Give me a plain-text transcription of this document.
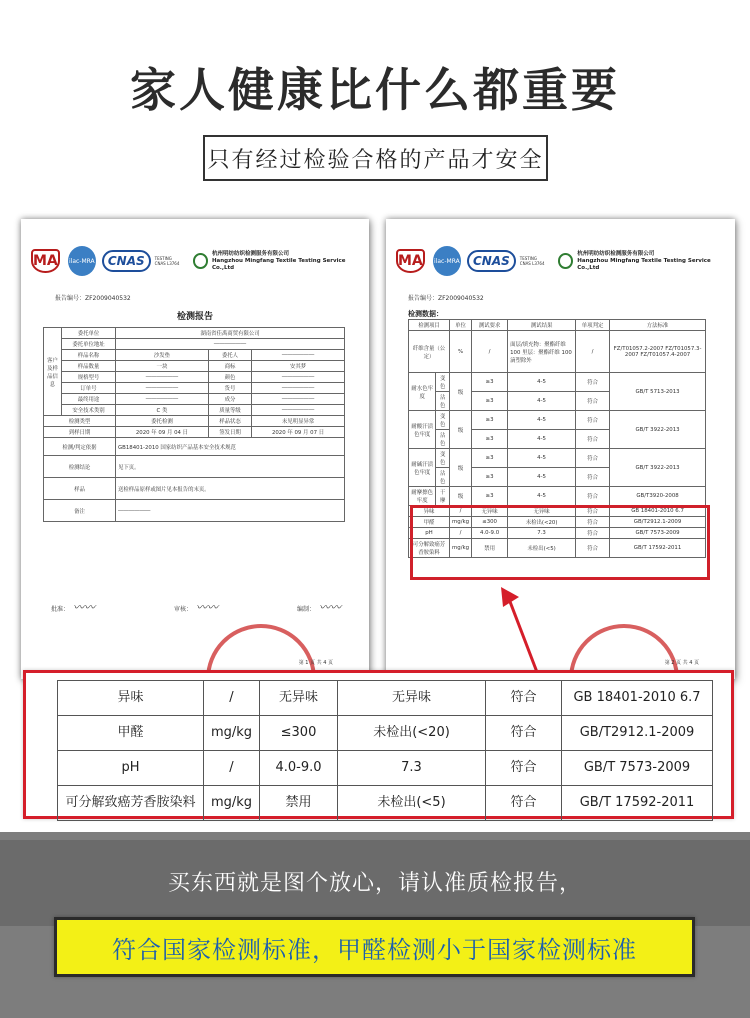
家人健康比什么都重要
只有经过检验合格的产品才安全
MA	ilac-MRA	CNAS	TESTING CNAS L3764
杭州明纺纺织检测服务有限公司
Hangzhou Mingfang Textile Testing Service Co.,Ltd
报告编号：ZF2009040532
检测报告
客户及样品信息	委托单位	湖南省佳禹商贸有限公司		
	委托单位地址	――――――		
	样品名称	沙发垫	委托人	――――――
	样品数量	一块	商标	安其梦
	规格型号	――――――	颜色	――――――
	订单号	――――――	货号	――――――
	最终用途	――――――	成分	――――――
	安全技术类别	C 类	质量等级	――――――
检测类型		委托检测	样品状态	未见明显异常
到样日期		2020 年 09 月 04 日	签发日期	2020 年 09 月 07 日
检测/判定依据		GB18401-2010 国家纺织产品基本安全技术规范		
检测结论		见下页。		
样品		送检样品原样或图片见本报告的末页。		
备注		――――――		
批准： 〰〰	审核： 〰〰	编制： 〰〰
第 1 页 共 4 页
MA	ilac-MRA	CNAS	TESTING CNAS L3764
杭州明纺纺织检测服务有限公司
Hangzhou Mingfang Textile Testing Service Co.,Ltd
报告编号：ZF2009040532
检测数据：
检测项目		单位	测试要求	测试结果	单项判定	方法标准
纤维含量（公定）		%	/	面层/填充物：聚酯纤维 100 里层：聚酯纤维 100 滴塑除外	/	FZ/T01057.2-2007 FZ/T01057.3-2007 FZ/T01057.4-2007
耐水色牢度	变色	级	≥3	4-5	符合	GB/T 5713-2013
	沾色		≥3	4-5	符合	
耐酸汗渍色牢度	变色	级	≥3	4-5	符合	GB/T 3922-2013
	沾色		≥3	4-5	符合	
耐碱汗渍色牢度	变色	级	≥3	4-5	符合	GB/T 3922-2013
	沾色		≥3	4-5	符合	
耐摩擦色牢度	干摩	级	≥3	4-5	符合	GB/T3920-2008
异味		/	无异味	无异味	符合	GB 18401-2010 6.7
甲醛		mg/kg	≤300	未检出(<20)	符合	GB/T2912.1-2009
pH		/	4.0-9.0	7.3	符合	GB/T 7573-2009
可分解致癌芳香胺染料		mg/kg	禁用	未检出(<5)	符合	GB/T 17592-2011
第 2 页 共 4 页
异味	/	无异味	无异味	符合	GB 18401-2010 6.7
甲醛	mg/kg	≤300	未检出(<20)	符合	GB/T2912.1-2009
pH	/	4.0-9.0	7.3	符合	GB/T 7573-2009
可分解致癌芳香胺染料	mg/kg	禁用	未检出(<5)	符合	GB/T 17592-2011
买东西就是图个放心，请认准质检报告，
符合国家检测标准，甲醛检测小于国家检测标准
